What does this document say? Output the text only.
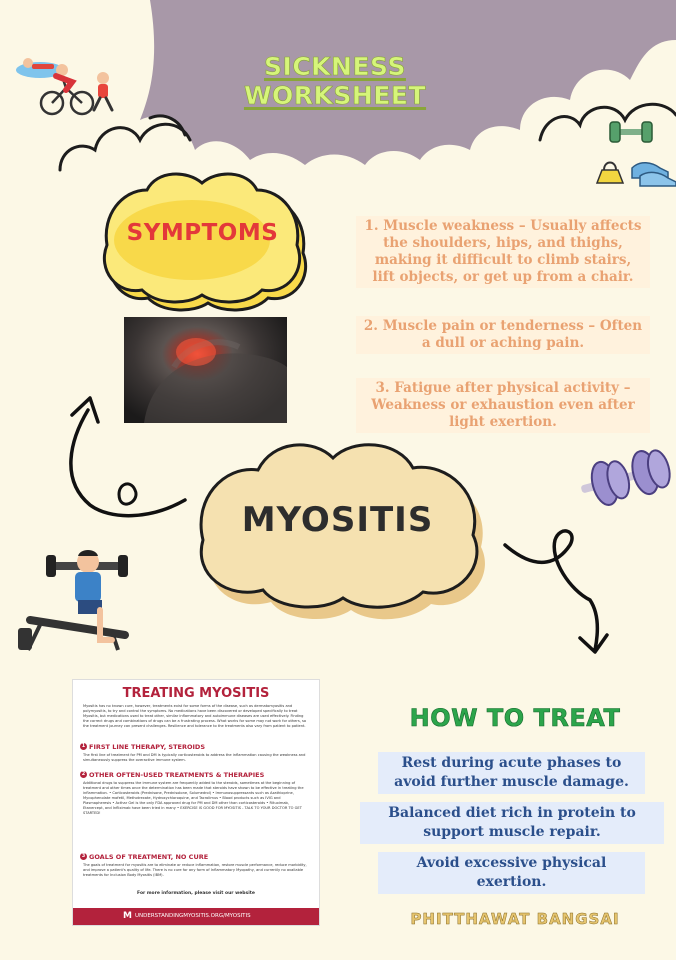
SICKNESS
WORKSHEET
SYMPTOMS	1. Muscle weakness – Usually affects the shoulders, hips, and thighs, making it difficult to climb stairs, lift objects, or get up from a chair.
2. Muscle pain or tenderness – Often a dull or aching pain.
3. Fatigue after physical activity – Weakness or exhaustion even after light exertion.
MYOSITIS
TREATING MYOSITIS
Myositis has no known cure, however, treatments exist for some forms of the disease, such as dermatomyositis and polymyositis, to try and control the symptoms. No medications have been discovered or developed specifically to treat Myositis, but medications used to treat other, similar inflammatory and autoimmune diseases are used effectively. Finding the correct drugs and combinations of drugs can be a frustrating process. What works for some may not work for others, so the treatment journey can present challenges. Resilience and tolerance to the treatments also vary from patient to patient.
1 FIRST LINE THERAPY, STEROIDS
The first line of treatment for PM and DM is typically corticosteroids to address the inflammation causing the weakness and simultaneously suppress the overactive immune system.
2 OTHER OFTEN-USED TREATMENTS & THERAPIES
Additional drugs to suppress the immune system are frequently added to the steroids, sometimes at the beginning of treatment and other times once the determination has been made that steroids have shown to be effective in treating the inflammation. • Corticosteroids (Prednisone, Prednisolone, Solumedrol) • Immunosuppressants such as Azathioprine, Mycophenolate mofetil, Methotrexate, Hydroxychloroquine, and Tacrolimus • Blood products such as IVIG and Plasmapheresis • Acthar Gel is the only FDA approved drug for PM and DM other than corticosteroids • Rituximab, Etanercept, and Infliximab have been tried in many • EXERCISE IS GOOD FOR MYOSITIS - TALK TO YOUR DOCTOR TO GET STARTED!
3 GOALS OF TREATMENT, NO CURE
The goals of treatment for myositis are to eliminate or reduce inflammation, restore muscle performance, reduce morbidity, and improve a patient's quality of life. There is no cure for any form of Inflammatory Myopathy, and currently no available treatments for Inclusion Body Myositis (IBM).
For more information, please visit our website
M UNDERSTANDINGMYOSITIS.ORG/MYOSITIS
HOW TO TREAT
Rest during acute phases to avoid further muscle damage.
Balanced diet rich in protein to support muscle repair.
Avoid excessive physical exertion.
PHITTHAWAT BANGSAI
